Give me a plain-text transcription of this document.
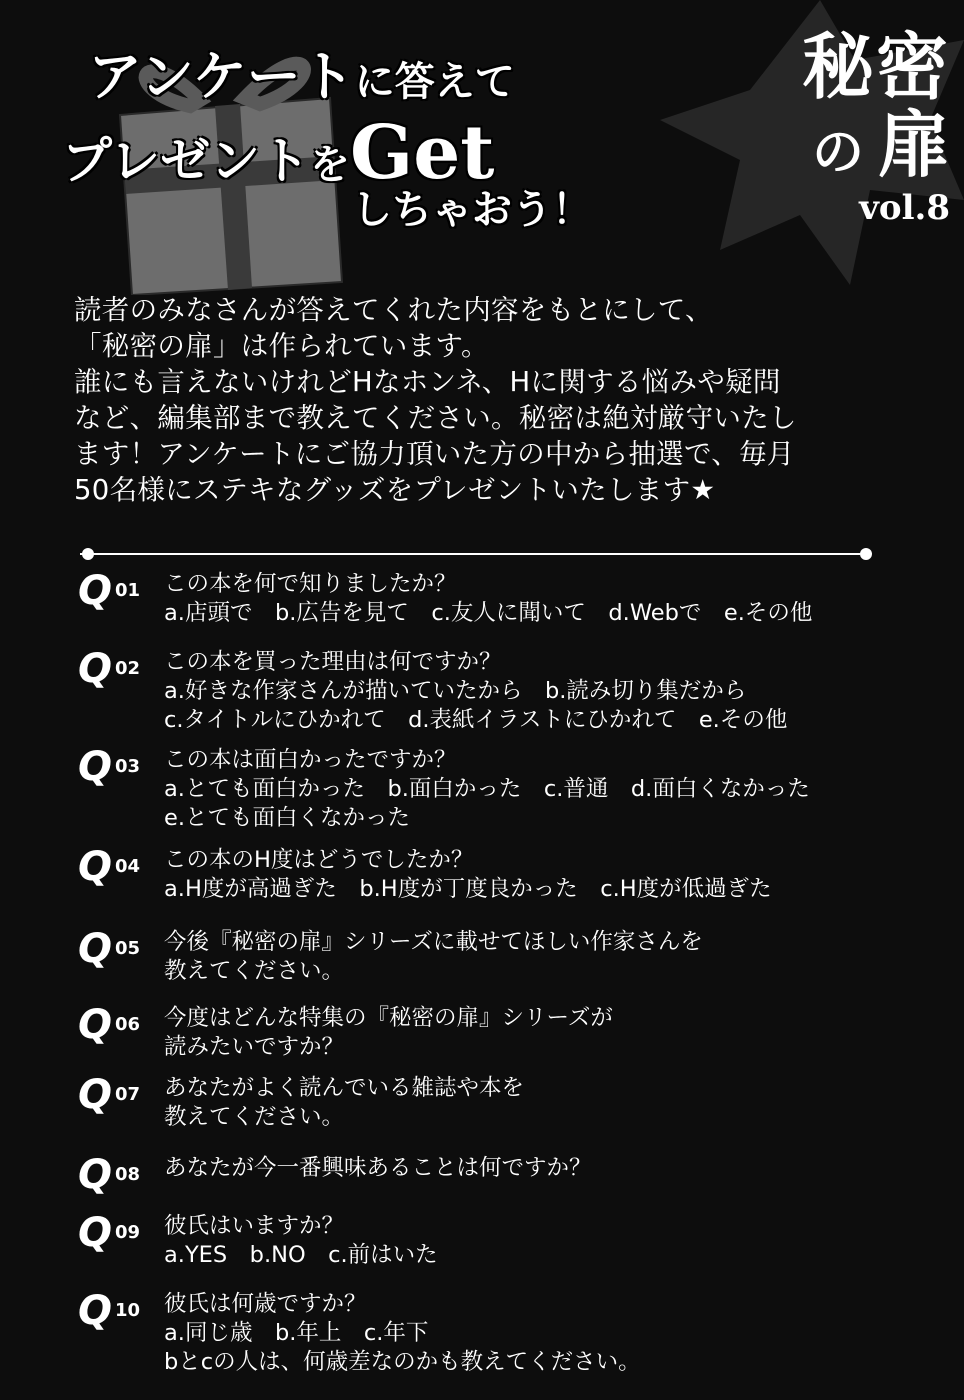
アンケートに答えて
プレゼントをGet
しちゃおう！
秘密
の 扉
vol.8

読者のみなさんが答えてくれた内容をもとにして、

「秘密の扉」は作られています。

誰にも言えないけれどHなホンネ、Hに関する悩みや疑問

など、編集部まで教えてください。秘密は絶対厳守いたし

ます！アンケートにご協力頂いた方の中から抽選で、毎月

50名様にステキなグッズをプレゼントいたします★

Q 01 この本を何で知りましたか？
a.店頭で　b.広告を見て　c.友人に聞いて　d.Webで　e.その他
Q 02 この本を買った理由は何ですか？
a.好きな作家さんが描いていたから　b.読み切り集だから
c.タイトルにひかれて　d.表紙イラストにひかれて　e.その他
Q 03 この本は面白かったですか？
a.とても面白かった　b.面白かった　c.普通　d.面白くなかった
e.とても面白くなかった
Q 04 この本のH度はどうでしたか？
a.H度が高過ぎた　b.H度が丁度良かった　c.H度が低過ぎた
Q 05 今後『秘密の扉』シリーズに載せてほしい作家さんを
教えてください。
Q 06 今度はどんな特集の『秘密の扉』シリーズが
読みたいですか？
Q 07 あなたがよく読んでいる雑誌や本を
教えてください。
Q 08 あなたが今一番興味あることは何ですか？
Q 09 彼氏はいますか？
a.YES　b.NO　c.前はいた
Q 10 彼氏は何歳ですか？
a.同じ歳　b.年上　c.年下
bとcの人は、何歳差なのかも教えてください。
